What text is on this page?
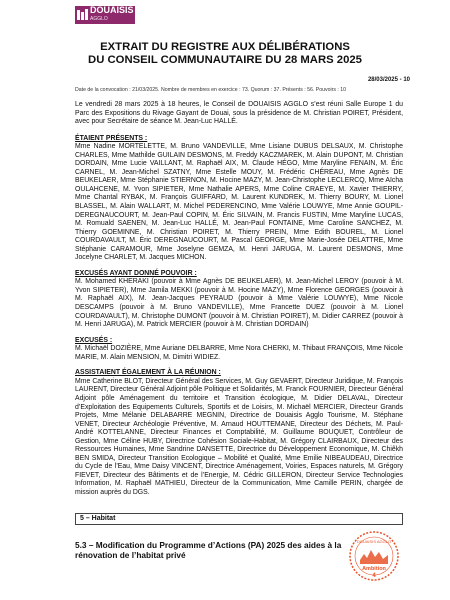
DOUAISIS
AGGLO
EXTRAIT DU REGISTRE AUX DÉLIBÉRATIONS
DU CONSEIL COMMUNAUTAIRE DU 28 MARS 2025
28/03/2025 - 10
Date de la convocation : 21/03/2025. Nombre de membres en exercice : 73. Quorum : 37. Présents : 56. Pouvoirs : 10

Le vendredi 28 mars 2025 à 18 heures, le Conseil de DOUAISIS AGGLO s’est réuni Salle Europe 1 du Parc des Expositions du Rivage Gayant de Douai, sous la présidence de M. Christian POIRET, Président, avec pour Secrétaire de séance M. Jean-Luc HALLÉ.

ÉTAIENT PRÉSENTS :

Mme Nadine MORTELETTE, M. Bruno VANDEVILLE, Mme Lisiane DUBUS DELSAUX, M. Christophe CHARLES, Mme Mathilde GUILAIN DESMONS, M. Freddy KACZMAREK, M. Alain DUPONT, M. Christian DORDAIN, Mme Lucie VAILLANT, M. Raphaël AIX, M. Claude HÉGO, Mme Maryline FENAIN, M. Éric CARNEL, M. Jean-Michel SZATNY, Mme Estelle MOUY, M. Frédéric CHÉREAU, Mme Agnès DE BEUKELAER, Mme Stéphanie STIERNON, M. Hocine MAZY, M. Jean-Christophe LECLERCQ, Mme Aïcha OULAHCENE, M. Yvon SIPIETER, Mme Nathalie APERS, Mme Coline CRAEYE, M. Xavier THIERRY, Mme Chantal RYBAK, M. François GUIFFARD, M. Laurent KUNDREK, M. Thierry BOURY, M. Lionel BLASSEL, M. Alain WALLART, M. Michel PEDERENCINO, Mme Valérie LOUWYE, Mme Annie GOUPIL-DEREGNAUCOURT, M. Jean-Paul COPIN, M. Éric SILVAIN, M. Francis FUSTIN, Mme Maryline LUCAS, M. Romuald SAENEN, M. Jean-Luc HALLÉ, M. Jean-Paul FONTAINE, Mme Caroline SANCHEZ, M. Thierry GOEMINNE, M. Christian POIRET, M. Thierry PREIN, Mme Edith BOUREL, M. Lionel COURDAVAULT, M. Éric DEREGNAUCOURT, M. Pascal GEORGE, Mme Marie-Josée DELATTRE, Mme Stéphanie CARAMOUR, Mme Joselyne GEMZA, M. Henri JARUGA, M. Laurent DESMONS, Mme Jocelyne CHARLET, M. Jacques MICHON.

EXCUSÉS AYANT DONNÉ POUVOIR :

M. Mohamed KHERAKI (pouvoir à Mme Agnès DE BEUKELAER), M. Jean-Michel LEROY (pouvoir à M. Yvon SIPIETER), Mme Jamila MEKKI (pouvoir à M. Hocine MAZY), Mme Florence GEORGES (pouvoir à M. Raphaël AIX), M. Jean-Jacques PEYRAUD (pouvoir à Mme Valérie LOUWYE), Mme Nicole DESCAMPS (pouvoir à M. Bruno VANDEVILLE), Mme Francette DUEZ (pouvoir à M. Lionel COURDAVAULT), M. Christophe DUMONT (pouvoir à M. Christian POIRET), M. Didier CARREZ (pouvoir à M. Henri JARUGA), M. Patrick MERCIER (pouvoir à M. Christian DORDAIN)

EXCUSÉS :

M. Michaël DOZIÈRE, Mme Auriane DELBARRE, Mme Nora CHERKI, M. Thibaut FRANÇOIS, Mme Nicole MARIE, M. Alain MENSION, M. Dimitri WIDIEZ.

ASSISTAIENT ÉGALEMENT À LA RÉUNION :

Mme Catherine BLOT, Directeur Général des Services, M. Guy GEVAERT, Directeur Juridique, M. François LAURENT, Directeur Général Adjoint pôle Politique et Solidarités, M. Franck FOURNIER, Directeur Général Adjoint pôle Aménagement du territoire et Transition écologique, M. Didier DELAVAL, Directeur d’Exploitation des Equipements Culturels, Sportifs et de Loisirs, M. Michaël MERCIER, Directeur Grands Projets, Mme Mélanie DELABARRE MEGNIN, Directrice de Douaisis Agglo Tourisme, M. Stéphane VENET, Directeur Archéologie Préventive, M. Arnaud HOUTTEMANE, Directeur des Déchets, M. Paul-André KOTTELANNE, Directeur Finances et Comptabilité, M. Guillaume BOUQUET, Contrôleur de Gestion, Mme Céline HUBY, Directrice Cohésion Sociale-Habitat, M. Grégory CLAIRBAUX, Directeur des Ressources Humaines, Mme Sandrine DANSETTE, Directrice du Développement Economique, M. Chiêkh BEN SMIDA, Directeur Transition Ecologique – Mobilité et Qualité, Mme Emilie NIBEAUDEAU, Directrice du Cycle de l’Eau, Mme Daisy VINCENT, Directrice Aménagement, Voiries, Espaces naturels, M. Grégory FIEVET, Directeur des Bâtiments et de l’Energie, M. Cédric GILLERON, Directeur Service Technologies Information, M. Raphaël MATHIEU, Directeur de la Communication, Mme Camille PERIN, chargée de mission auprès du DGS.

5 – Habitat
5.3 – Modification du Programme d’Actions (PA) 2025 des aides à la rénovation de l’habitat privé
DOUAISIS AGGLO
Ambition
4
